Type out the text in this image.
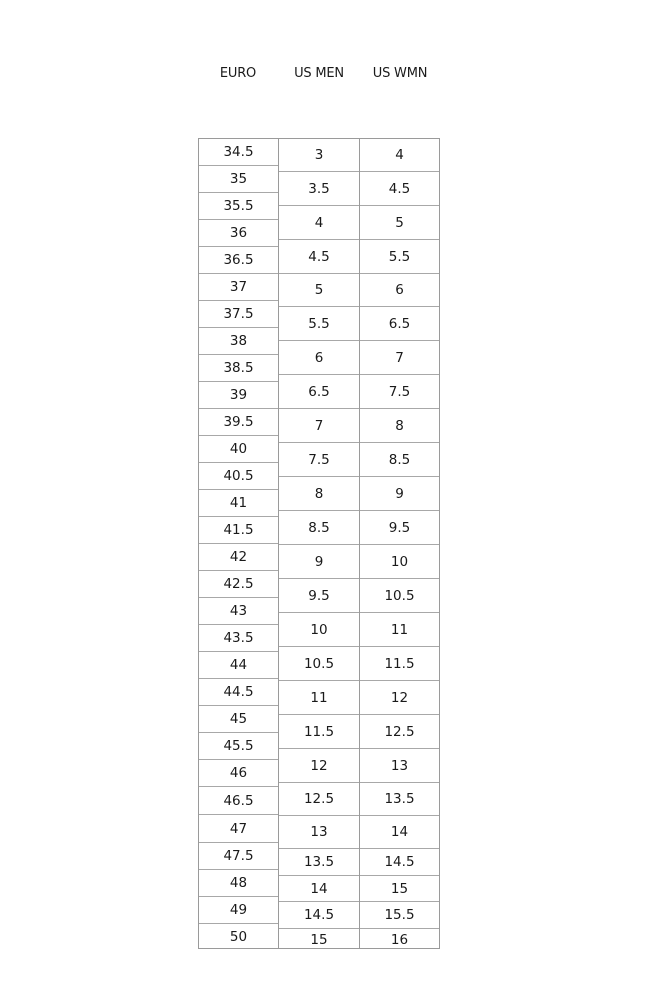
EURO	US MEN	US WMN
34.5
35
35.5
36
36.5
37
37.5
38
38.5
39
39.5
40
40.5
41
41.5
42
42.5
43
43.5
44
44.5
45
45.5
46
46.5
47
47.5
48
49
50
3
3.5
4
4.5
5
5.5
6
6.5
7
7.5
8
8.5
9
9.5
10
10.5
11
11.5
12
12.5
13
13.5
14
14.5
15
4
4.5
5
5.5
6
6.5
7
7.5
8
8.5
9
9.5
10
10.5
11
11.5
12
12.5
13
13.5
14
14.5
15
15.5
16
